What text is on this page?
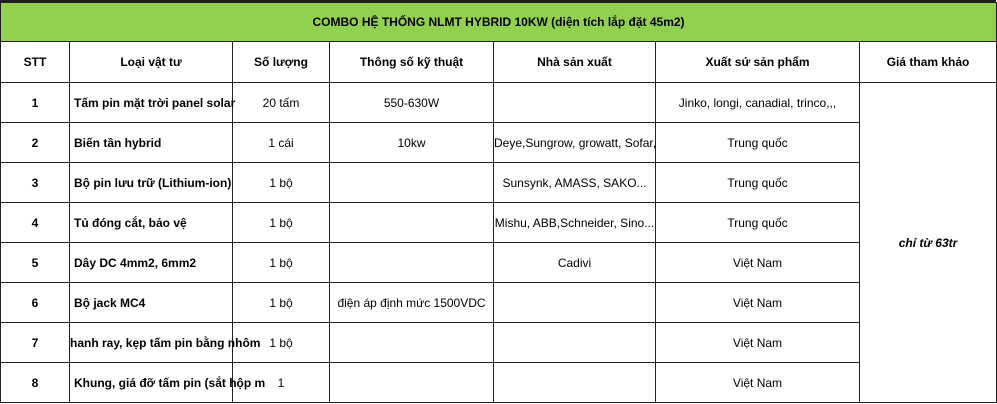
COMBO HỆ THỐNG NLMT HYBRID 10KW (diện tích lắp đặt 45m2)						
STT	Loại vật tư	Số lượng	Thông số kỹ thuật	Nhà sản xuất	Xuất sứ sản phẩm	Giá tham khảo
1	Tấm pin mặt trời panel solar	20 tấm	550-630W		Jinko, longi, canadial, trinco,,,	chỉ từ 63tr
2	Biến tần hybrid	1 cái	10kw	Deye,Sungrow, growatt, Sofar,	Trung quốc	
3	Bộ pin lưu trữ (Lithium-ion)	1 bộ		Sunsynk, AMASS, SAKO...	Trung quốc	
4	Tủ đóng cắt, bảo vệ	1 bộ		Mishu, ABB,Schneider, Sino...	Trung quốc	
5	Dây DC 4mm2, 6mm2	1 bộ		Cadivi	Việt Nam	
6	Bộ jack MC4	1 bộ	điện áp định mức 1500VDC		Việt Nam	
7	hanh ray, kẹp tấm pin bằng nhôm	1 bộ			Việt Nam	
8	Khung, giá đỡ tấm pin (sắt hộp m	1			Việt Nam	
